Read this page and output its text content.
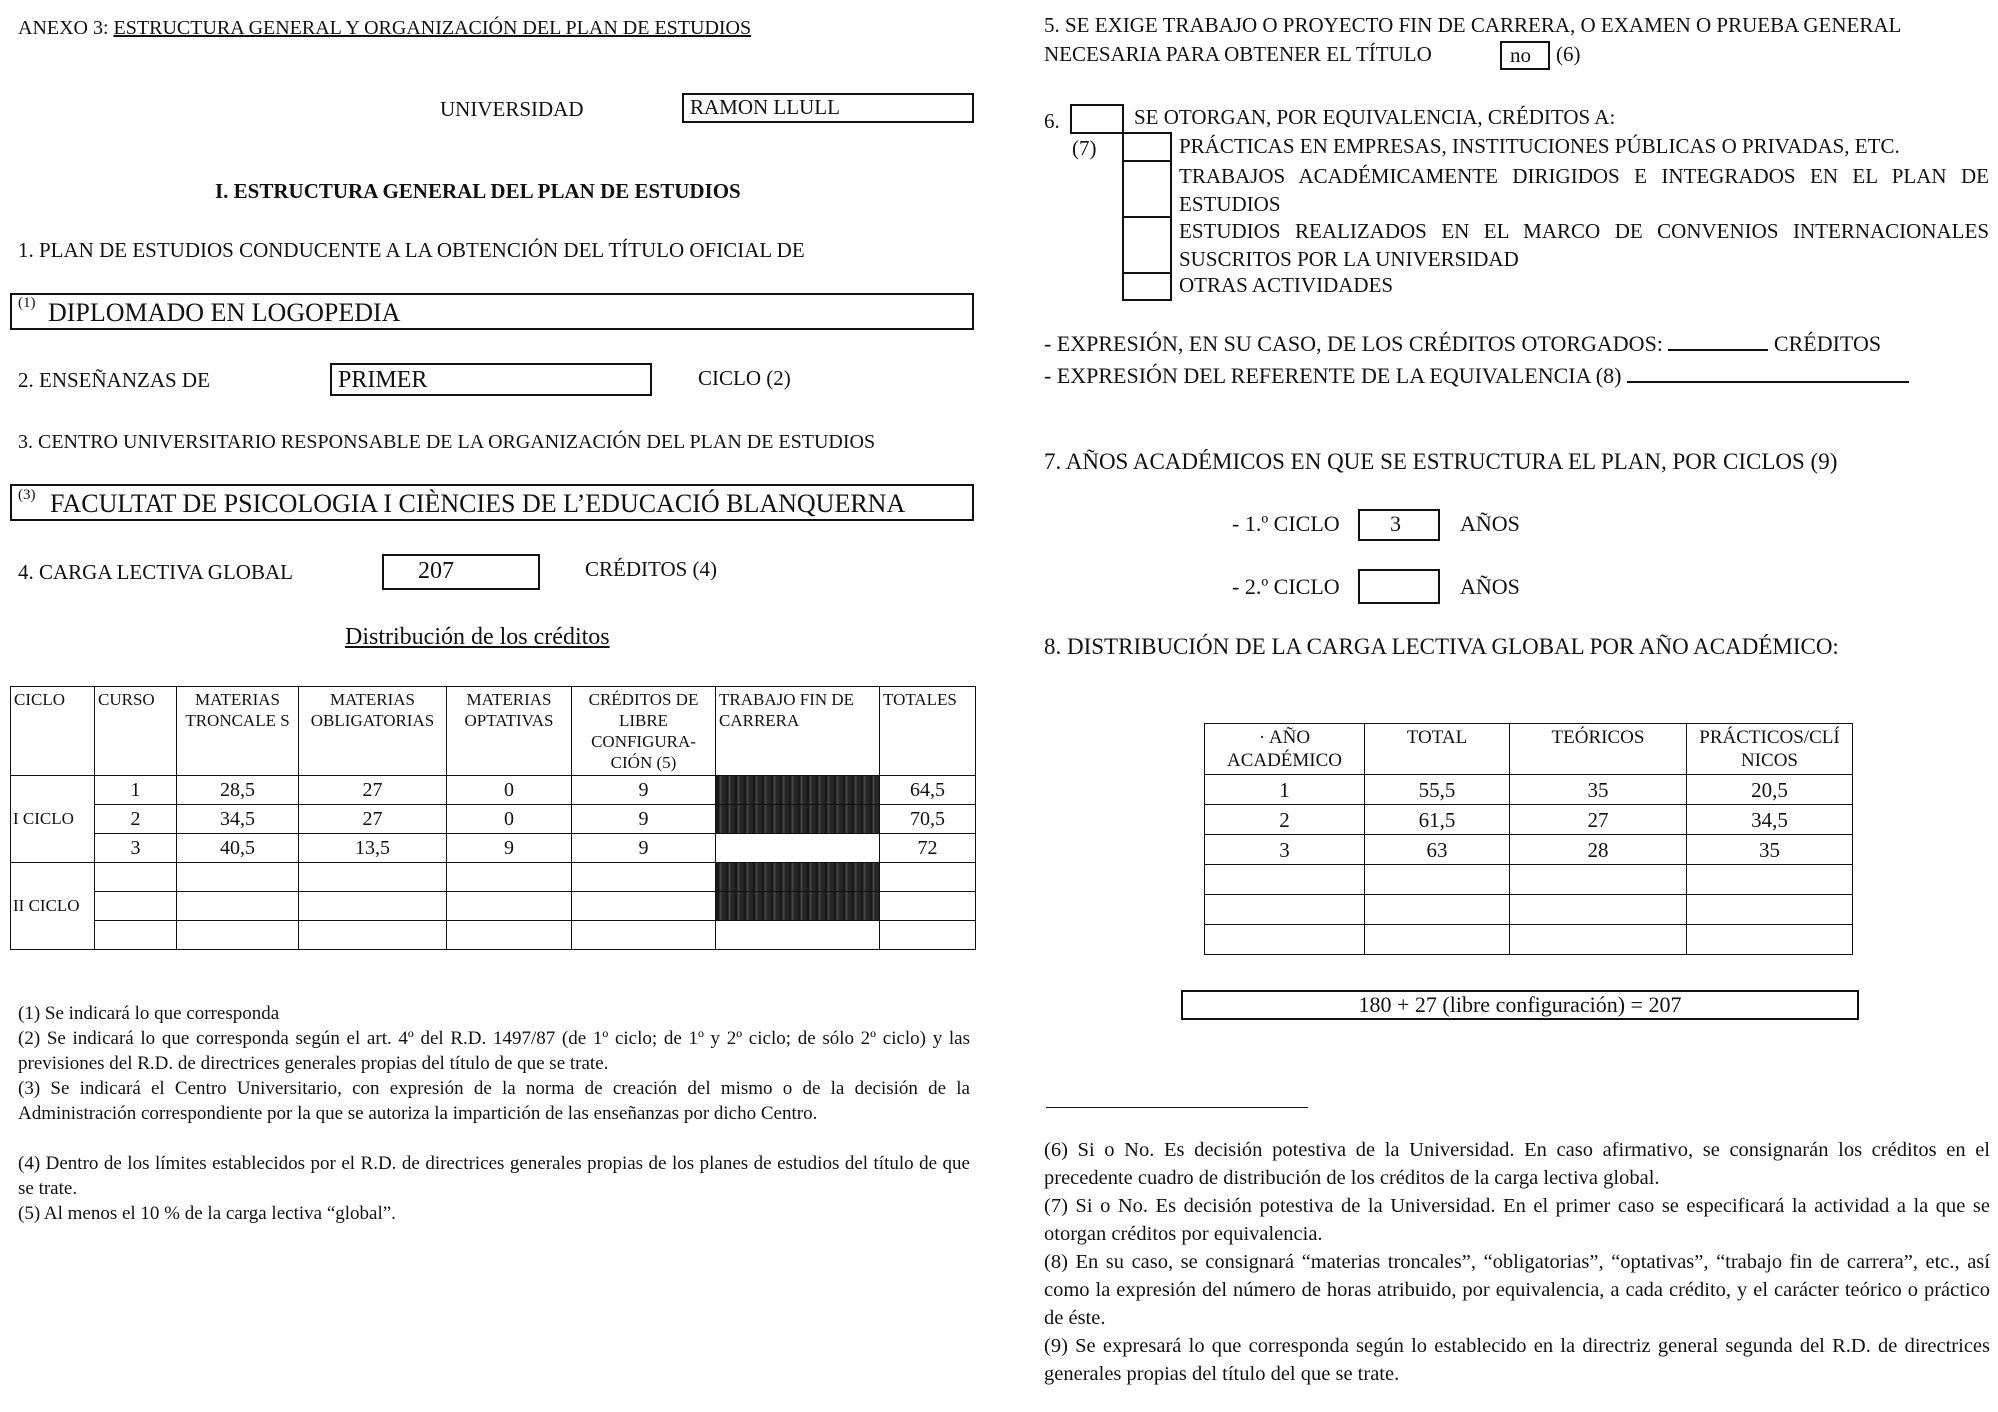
ANEXO 3: ESTRUCTURA GENERAL Y ORGANIZACIÓN DEL PLAN DE ESTUDIOS
UNIVERSIDAD	RAMON LLULL
I. ESTRUCTURA GENERAL DEL PLAN DE ESTUDIOS
1. PLAN DE ESTUDIOS CONDUCENTE A LA OBTENCIÓN DEL TÍTULO OFICIAL DE
(1) DIPLOMADO EN LOGOPEDIA
2. ENSEÑANZAS DE	PRIMER	CICLO (2)
3. CENTRO UNIVERSITARIO RESPONSABLE DE LA ORGANIZACIÓN DEL PLAN DE ESTUDIOS
(3) FACULTAT DE PSICOLOGIA I CIÈNCIES DE L’EDUCACIÓ BLANQUERNA
4. CARGA LECTIVA GLOBAL	207	CRÉDITOS (4)
Distribución de los créditos
CICLO	CURSO	MATERIAS TRONCALE S	MATERIAS OBLIGATORIAS	MATERIAS OPTATIVAS	CRÉDITOS DE LIBRE CONFIGURA- CIÓN (5)	TRABAJO FIN DE CARRERA	TOTALES
I CICLO	1	28,5	27	0	9		64,5
	2	34,5	27	0	9		70,5
	3	40,5	13,5	9	9		72
II CICLO							

(1) Se indicará lo que corresponda
(2) Se indicará lo que corresponda según el art. 4º del R.D. 1497/87 (de 1º ciclo; de 1º y 2º ciclo; de sólo 2º ciclo) y las previsiones del R.D. de directrices generales propias del título de que se trate.
(3) Se indicará el Centro Universitario, con expresión de la norma de creación del mismo o de la decisión de la Administración correspondiente por la que se autoriza la impartición de las enseñanzas por dicho Centro.
(4) Dentro de los límites establecidos por el R.D. de directrices generales propias de los planes de estudios del título de que se trate.
(5) Al menos el 10 % de la carga lectiva “global”.
5. SE EXIGE TRABAJO O PROYECTO FIN DE CARRERA, O EXAMEN O PRUEBA GENERAL
NECESARIA PARA OBTENER EL TÍTULO	no (6)
6.	SE OTORGAN, POR EQUIVALENCIA, CRÉDITOS A:
(7)	PRÁCTICAS EN EMPRESAS, INSTITUCIONES PÚBLICAS O PRIVADAS, ETC.
TRABAJOS ACADÉMICAMENTE DIRIGIDOS E INTEGRADOS EN EL PLAN DE ESTUDIOS
ESTUDIOS REALIZADOS EN EL MARCO DE CONVENIOS INTERNACIONALES SUSCRITOS POR LA UNIVERSIDAD
OTRAS ACTIVIDADES
- EXPRESIÓN, EN SU CASO, DE LOS CRÉDITOS OTORGADOS:	CRÉDITOS
- EXPRESIÓN DEL REFERENTE DE LA EQUIVALENCIA (8)
7. AÑOS ACADÉMICOS EN QUE SE ESTRUCTURA EL PLAN, POR CICLOS (9)
- 1.º CICLO 3	AÑOS
- 2.º CICLO	AÑOS
8. DISTRIBUCIÓN DE LA CARGA LECTIVA GLOBAL POR AÑO ACADÉMICO:
· AÑO ACADÉMICO	TOTAL	TEÓRICOS	PRÁCTICOS/CLÍ NICOS
1	55,5	35	20,5
2	61,5	27	34,5
3	63	28	35

180 + 27 (libre configuración) = 207
(6) Si o No. Es decisión potestiva de la Universidad. En caso afirmativo, se consignarán los créditos en el precedente cuadro de distribución de los créditos de la carga lectiva global.
(7) Si o No. Es decisión potestiva de la Universidad. En el primer caso se especificará la actividad a la que se otorgan créditos por equivalencia.
(8) En su caso, se consignará “materias troncales”, “obligatorias”, “optativas”, “trabajo fin de carrera”, etc., así como la expresión del número de horas atribuido, por equivalencia, a cada crédito, y el carácter teórico o práctico de éste.
(9) Se expresará lo que corresponda según lo establecido en la directriz general segunda del R.D. de directrices generales propias del título del que se trate.
